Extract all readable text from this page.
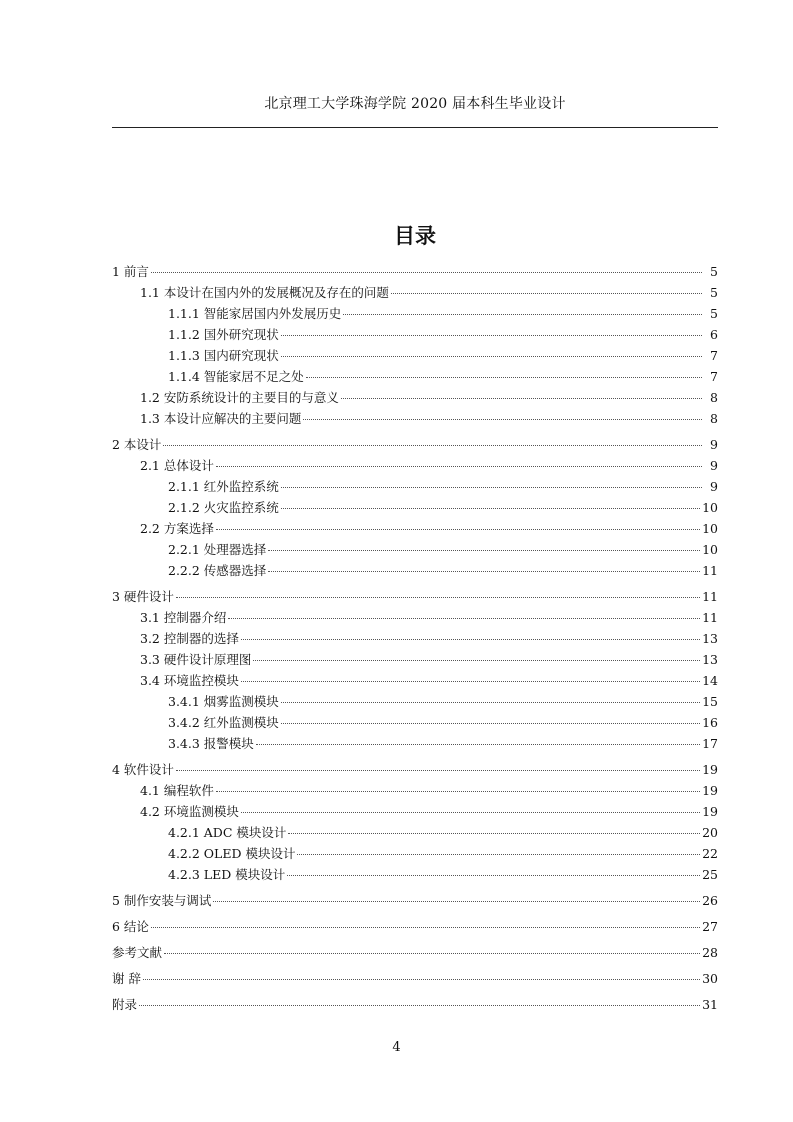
北京理工大学珠海学院 2020 届本科生毕业设计
目录
1 前言	5
1.1 本设计在国内外的发展概况及存在的问题	5
1.1.1 智能家居国内外发展历史	5
1.1.2 国外研究现状	6
1.1.3 国内研究现状	7
1.1.4 智能家居不足之处	7
1.2 安防系统设计的主要目的与意义	8
1.3 本设计应解决的主要问题	8
2 本设计	9
2.1 总体设计	9
2.1.1 红外监控系统	9
2.1.2 火灾监控系统	10
2.2 方案选择	10
2.2.1 处理器选择	10
2.2.2 传感器选择	11
3 硬件设计	11
3.1 控制器介绍	11
3.2 控制器的选择	13
3.3 硬件设计原理图	13
3.4 环境监控模块	14
3.4.1 烟雾监测模块	15
3.4.2 红外监测模块	16
3.4.3 报警模块	17
4 软件设计	19
4.1 编程软件	19
4.2 环境监测模块	19
4.2.1 ADC 模块设计	20
4.2.2 OLED 模块设计	22
4.2.3 LED 模块设计	25
5 制作安装与调试	26
6 结论	27
参考文献	28
谢 辞	30
附录	31
4
